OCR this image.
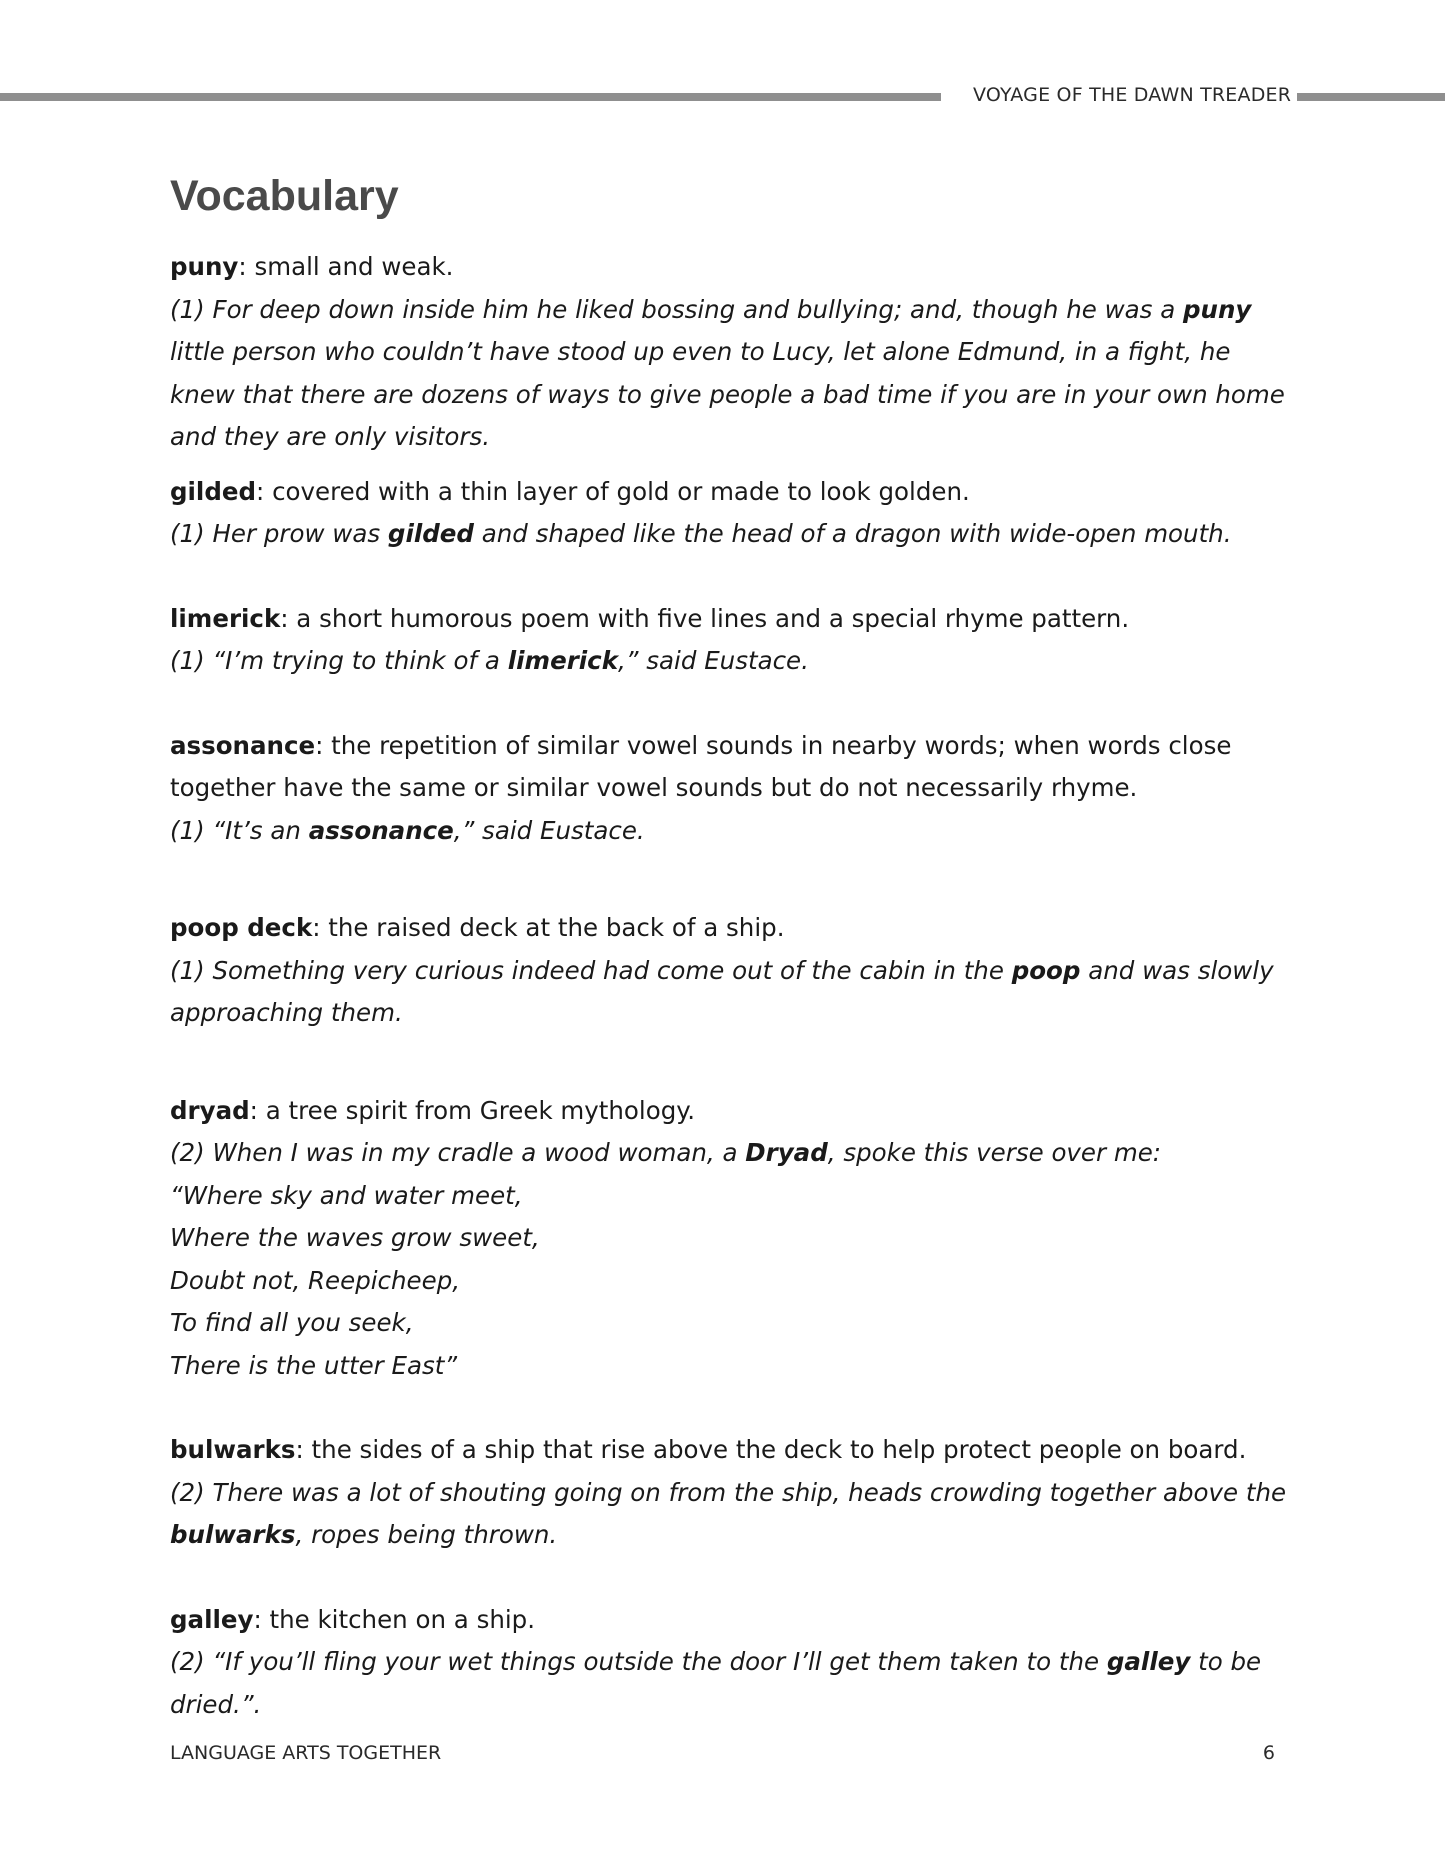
VOYAGE OF THE DAWN TREADER
Vocabulary

puny: small and weak.

(1) For deep down inside him he liked bossing and bullying; and, though he was a puny little person who couldn’t have stood up even to Lucy, let alone Edmund, in a fight, he knew that there are dozens of ways to give people a bad time if you are in your own home and they are only visitors.

gilded: covered with a thin layer of gold or made to look golden.

(1) Her prow was gilded and shaped like the head of a dragon with wide-open mouth.

limerick: a short humorous poem with five lines and a special rhyme pattern.

(1) “I’m trying to think of a limerick,” said Eustace.

assonance: the repetition of similar vowel sounds in nearby words; when words close together have the same or similar vowel sounds but do not necessarily rhyme.

(1) “It’s an assonance,” said Eustace.

poop deck: the raised deck at the back of a ship.

(1) Something very curious indeed had come out of the cabin in the poop and was slowly approaching them.

dryad: a tree spirit from Greek mythology.

(2) When I was in my cradle a wood woman, a Dryad, spoke this verse over me:

“Where sky and water meet,

Where the waves grow sweet,

Doubt not, Reepicheep,

To find all you seek,

There is the utter East”

bulwarks: the sides of a ship that rise above the deck to help protect people on board.

(2) There was a lot of shouting going on from the ship, heads crowding together above the bulwarks, ropes being thrown.

galley: the kitchen on a ship.

(2) “If you’ll fling your wet things outside the door I’ll get them taken to the galley to be dried.”.

LANGUAGE ARTS TOGETHER	6
